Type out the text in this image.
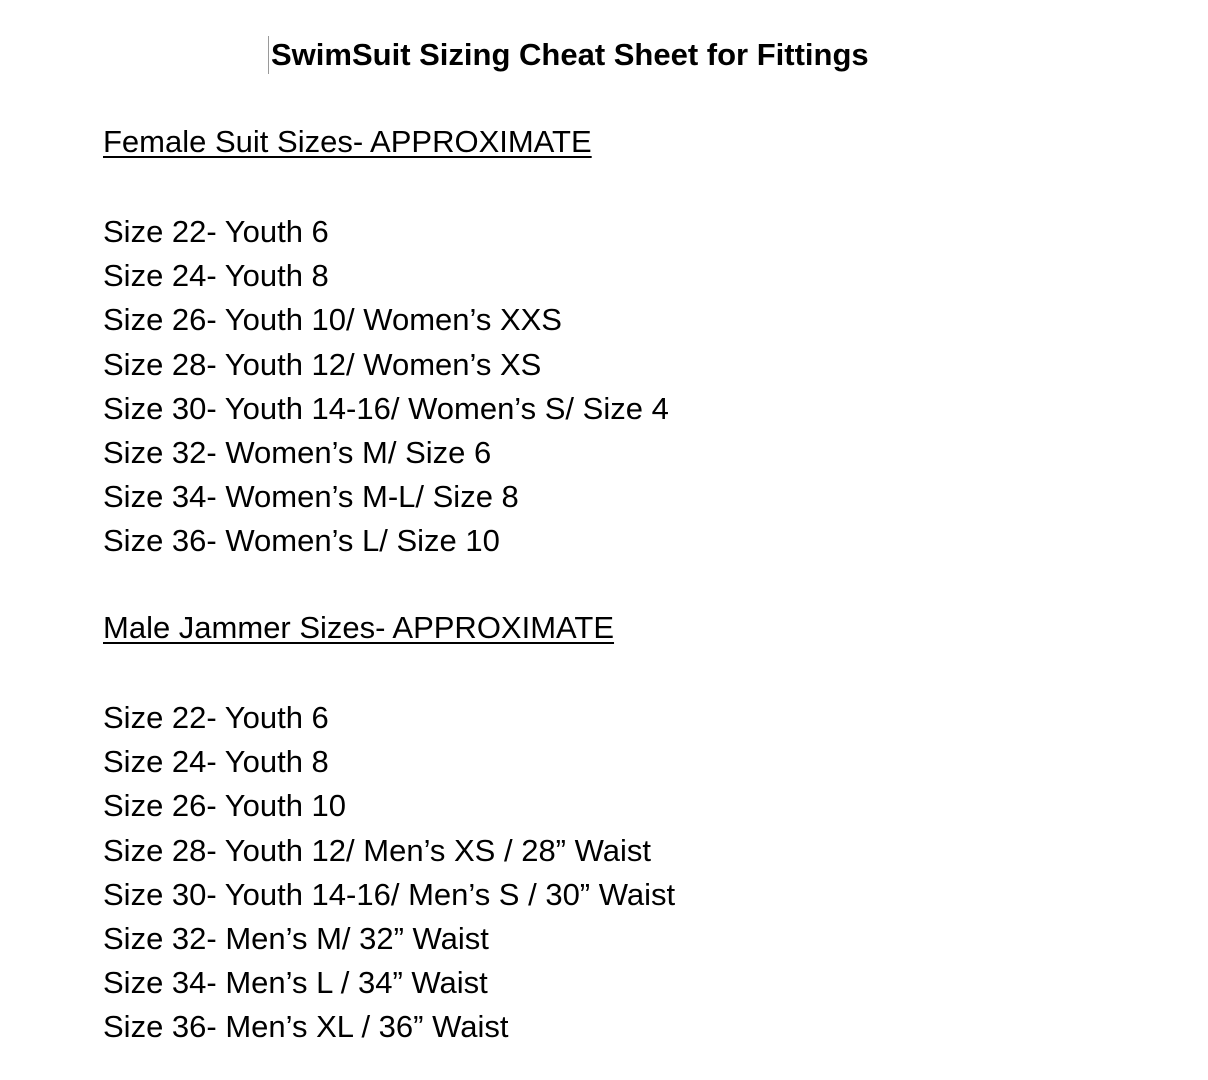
SwimSuit Sizing Cheat Sheet for Fittings
Female Suit Sizes- APPROXIMATE
Size 22- Youth 6
Size 24- Youth 8
Size 26- Youth 10/ Women’s XXS
Size 28- Youth 12/ Women’s XS
Size 30- Youth 14-16/ Women’s S/ Size 4
Size 32- Women’s M/ Size 6
Size 34- Women’s M-L/ Size 8
Size 36- Women’s L/ Size 10
Male Jammer Sizes- APPROXIMATE
Size 22- Youth 6
Size 24- Youth 8
Size 26- Youth 10
Size 28- Youth 12/ Men’s XS / 28” Waist
Size 30- Youth 14-16/ Men’s S / 30” Waist
Size 32- Men’s M/ 32” Waist
Size 34- Men’s L / 34” Waist
Size 36- Men’s XL / 36” Waist
